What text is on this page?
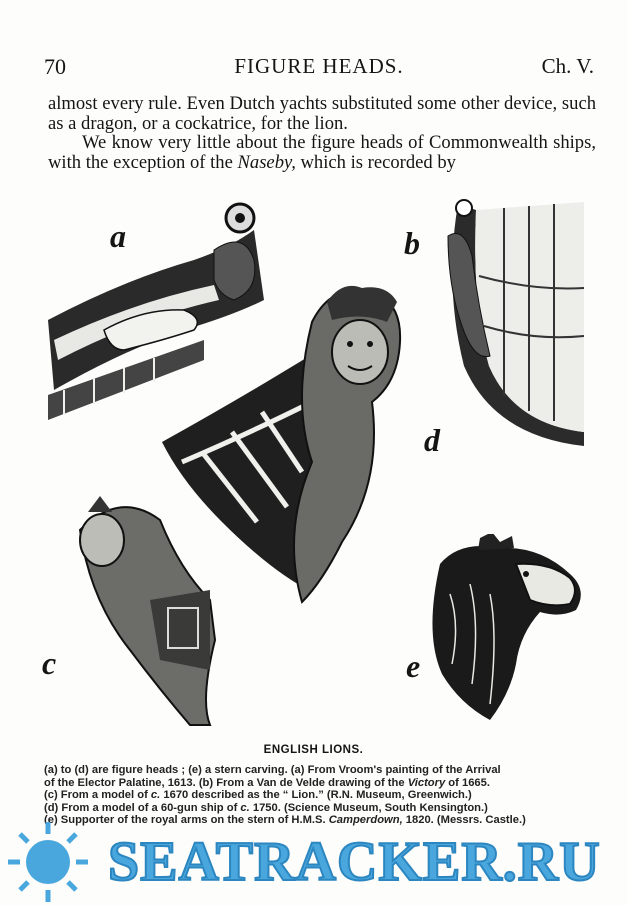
70	FIGURE HEADS.	Ch. V.

almost every rule. Even Dutch yachts substituted some other device, such as a dragon, or a cockatrice, for the lion.

We know very little about the figure heads of Commonwealth ships, with the exception of the Naseby, which is recorded by

a	b
d
c	e
ENGLISH LIONS.
(a) to (d) are figure heads ; (e) a stern carving. (a) From Vroom's painting of the Arrival
of the Elector Palatine, 1613. (b) From a Van de Velde drawing of the Victory of 1665.
(c) From a model of c. 1670 described as the “ Lion.” (R.N. Museum, Greenwich.)
(d) From a model of a 60-gun ship of c. 1750. (Science Museum, South Kensington.)
(e) Supporter of the royal arms on the stern of H.M.S. Camperdown, 1820. (Messrs. Castle.)
SEATRACKER.RU
